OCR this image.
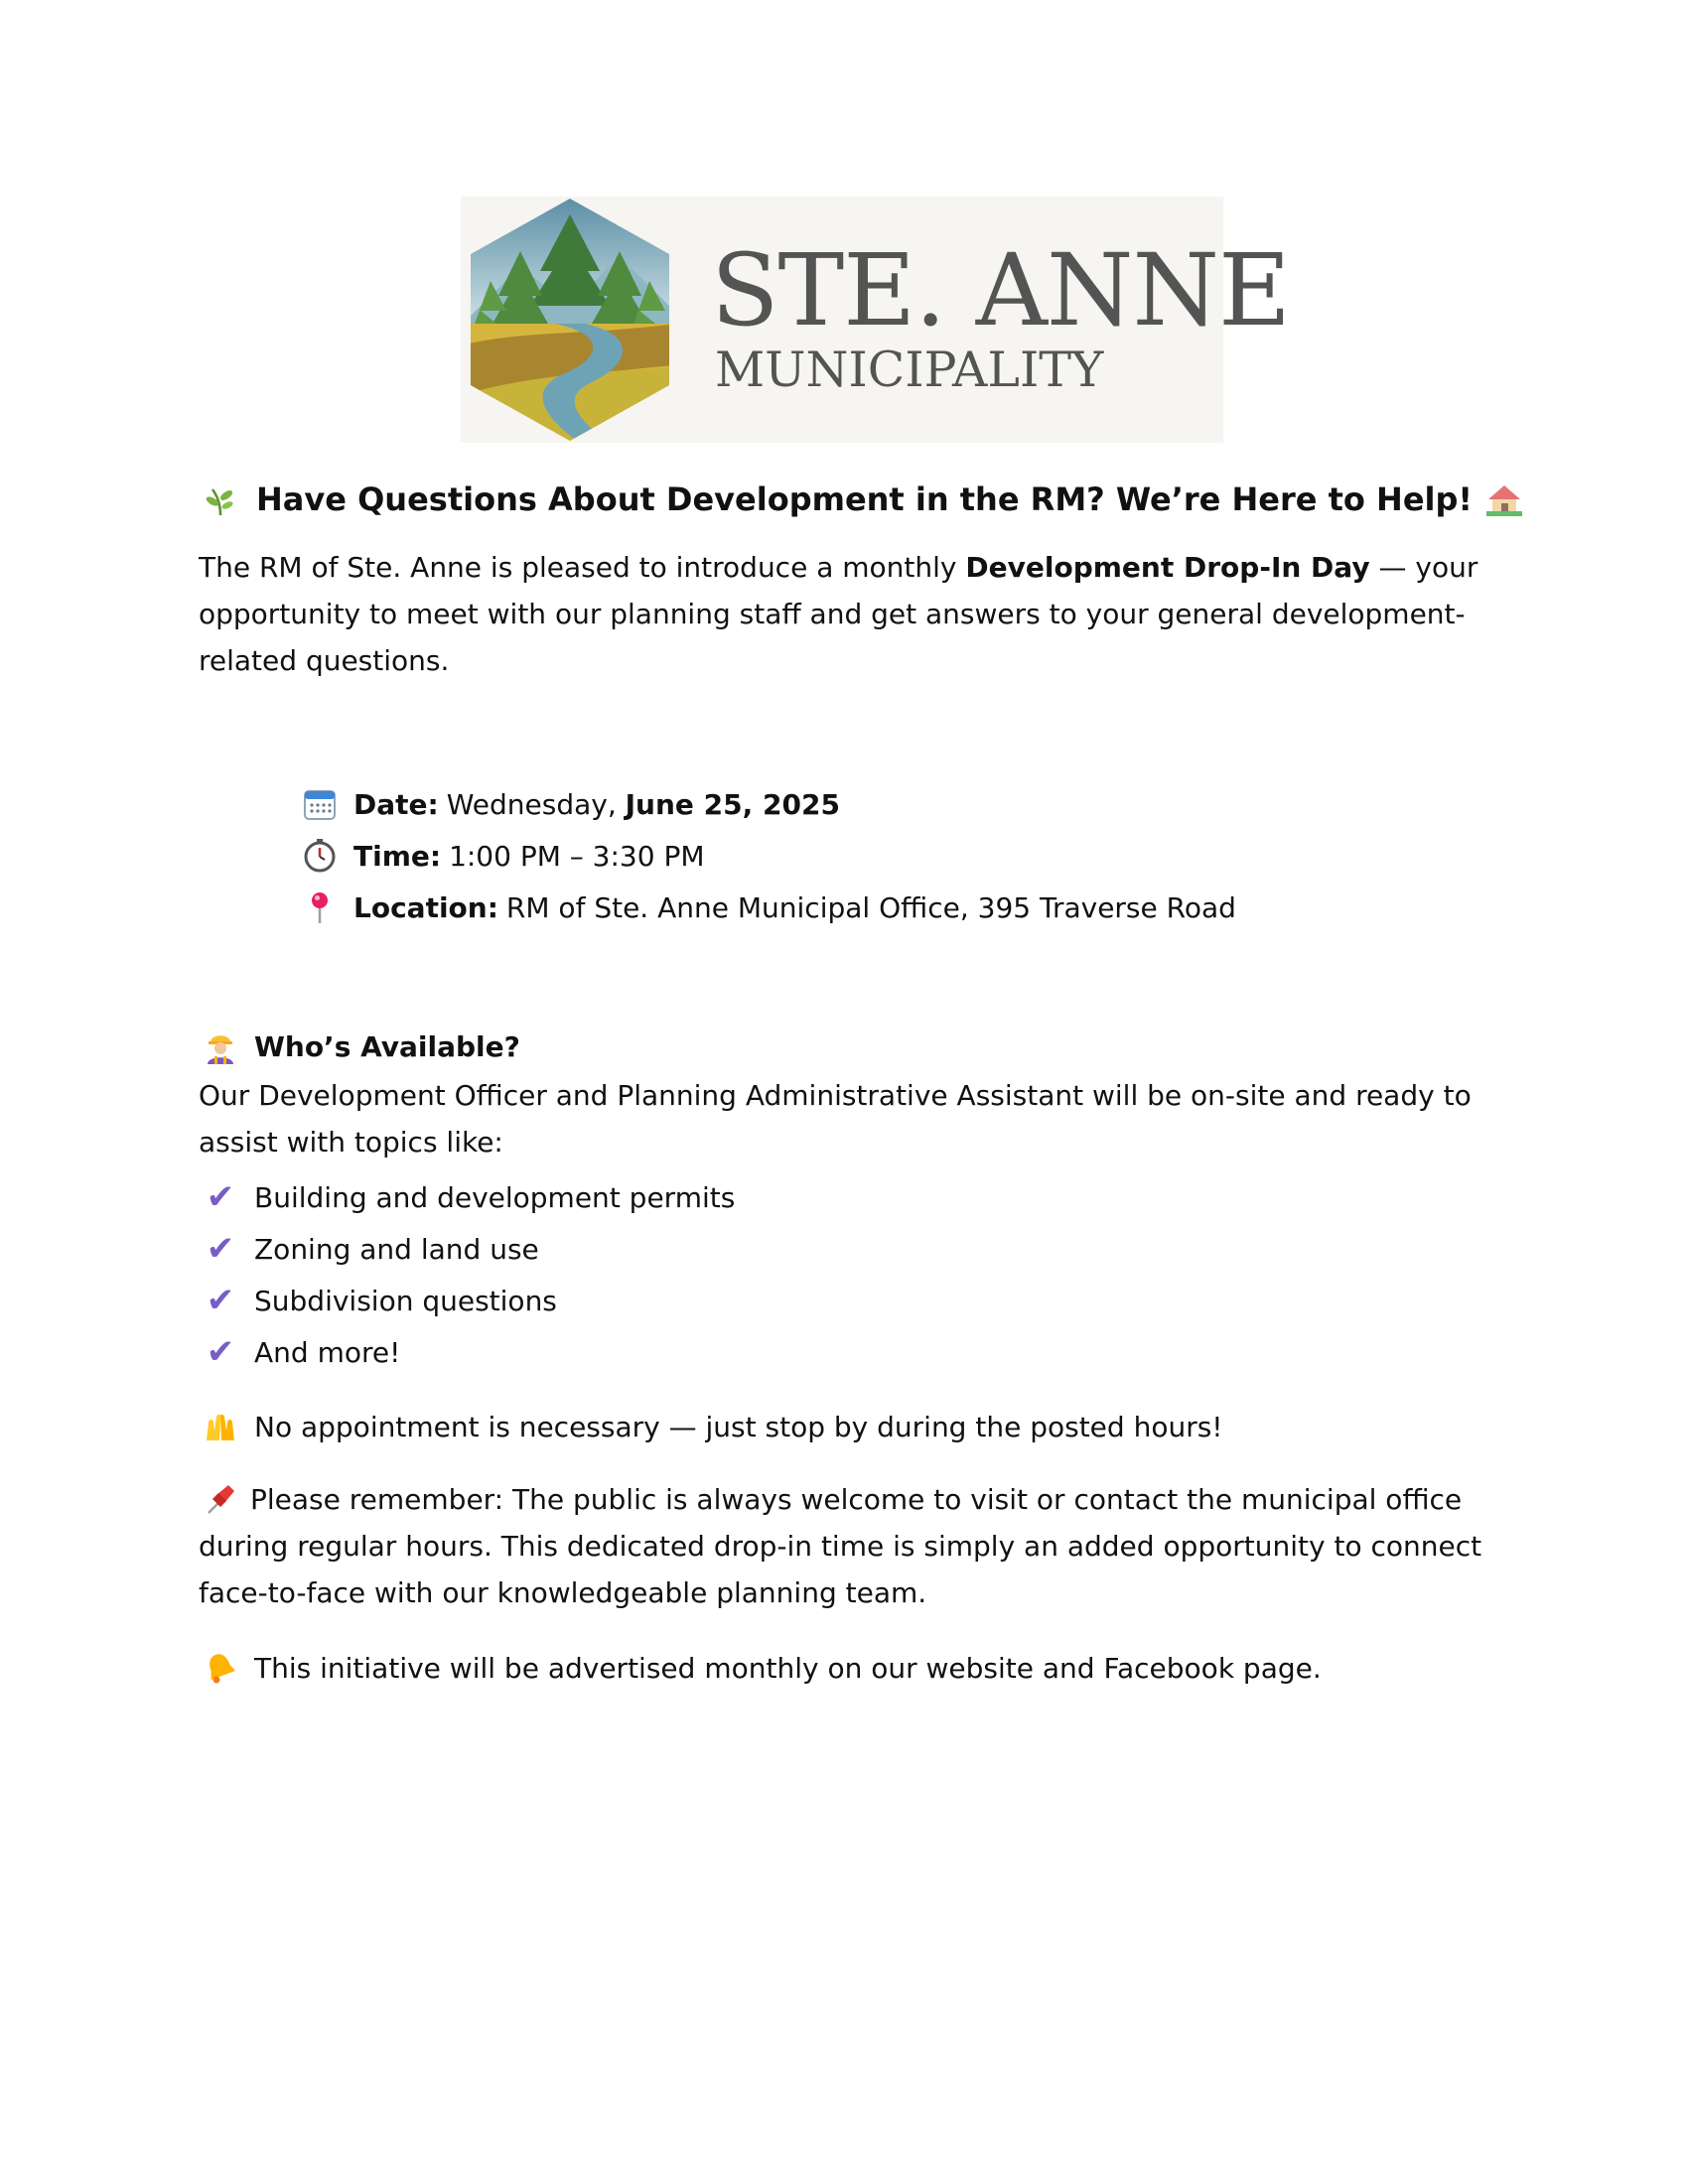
STE. ANNE
MUNICIPALITY
Have Questions About Development in the RM? We’re Here to Help!

The RM of Ste. Anne is pleased to introduce a monthly Development Drop-In Day — your opportunity to meet with our planning staff and get answers to your general development-related questions.

Date: Wednesday, June 25, 2025
Time: 1:00 PM – 3:30 PM
Location: RM of Ste. Anne Municipal Office, 395 Traverse Road
Who’s Available?

Our Development Officer and Planning Administrative Assistant will be on-site and ready to assist with topics like:

✔ Building and development permits
✔ Zoning and land use
✔ Subdivision questions
✔ And more!
No appointment is necessary — just stop by during the posted hours!

Please remember: The public is always welcome to visit or contact the municipal office during regular hours. This dedicated drop-in time is simply an added opportunity to connect face-to-face with our knowledgeable planning team.

This initiative will be advertised monthly on our website and Facebook page.
